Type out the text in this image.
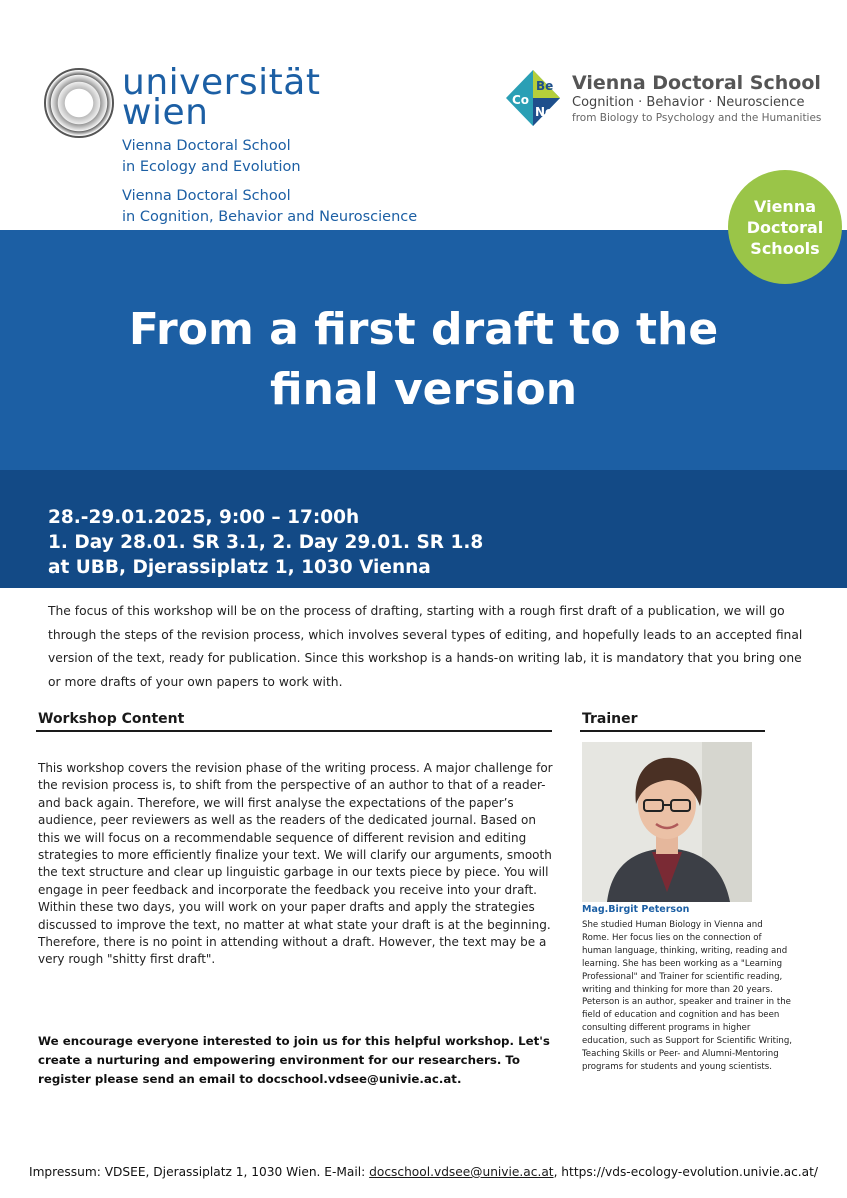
universität
wien
Vienna Doctoral School
in Ecology and Evolution
Vienna Doctoral School
in Cognition, Behavior and Neuroscience
Co
Be
Ne
Vienna Doctoral School
Cognition · Behavior · Neuroscience
from Biology to Psychology and the Humanities
Vienna
Doctoral
Schools
From a first draft to the
final version
28.-29.01.2025, 9:00 – 17:00h
1. Day 28.01. SR 3.1, 2. Day 29.01. SR 1.8
at UBB, Djerassiplatz 1, 1030 Vienna
The focus of this workshop will be on the process of drafting, starting with a rough first draft of a publication, we will go through the steps of the revision process, which involves several types of editing, and hopefully leads to an accepted final version of the text, ready for publication. Since this workshop is a hands-on writing lab, it is mandatory that you bring one or more drafts of your own papers to work with.
Workshop Content

This workshop covers the revision phase of the writing process. A major challenge for the revision process is, to shift from the perspective of an author to that of a reader- and back again. Therefore, we will first analyse the expectations of the paper’s audience, peer reviewers as well as the readers of the dedicated journal. Based on this we will focus on a recommendable sequence of different revision and editing strategies to more efficiently finalize your text. We will clarify our arguments, smooth the text structure and clear up linguistic garbage in our texts piece by piece. You will engage in peer feedback and incorporate the feedback you receive into your draft.

Within these two days, you will work on your paper drafts and apply the strategies discussed to improve the text, no matter at what state your draft is at the beginning. Therefore, there is no point in attending without a draft. However, the text may be a very rough "shitty first draft".

We encourage everyone interested to join us for this helpful workshop. Let's create a nurturing and empowering environment for our researchers. To register please send an email to docschool.vdsee@univie.ac.at.
Trainer
Mag.Birgit Peterson
She studied Human Biology in Vienna and Rome. Her focus lies on the connection of human language, thinking, writing, reading and learning. She has been working as a "Learning Professional" and Trainer for scientific reading, writing and thinking for more than 20 years. Peterson is an author, speaker and trainer in the field of education and cognition and has been consulting different programs in higher education, such as Support for Scientific Writing, Teaching Skills or Peer- and Alumni-Mentoring programs for students and young scientists.
Impressum: VDSEE, Djerassiplatz 1, 1030 Wien. E-Mail: docschool.vdsee@univie.ac.at, https://vds-ecology-evolution.univie.ac.at/
